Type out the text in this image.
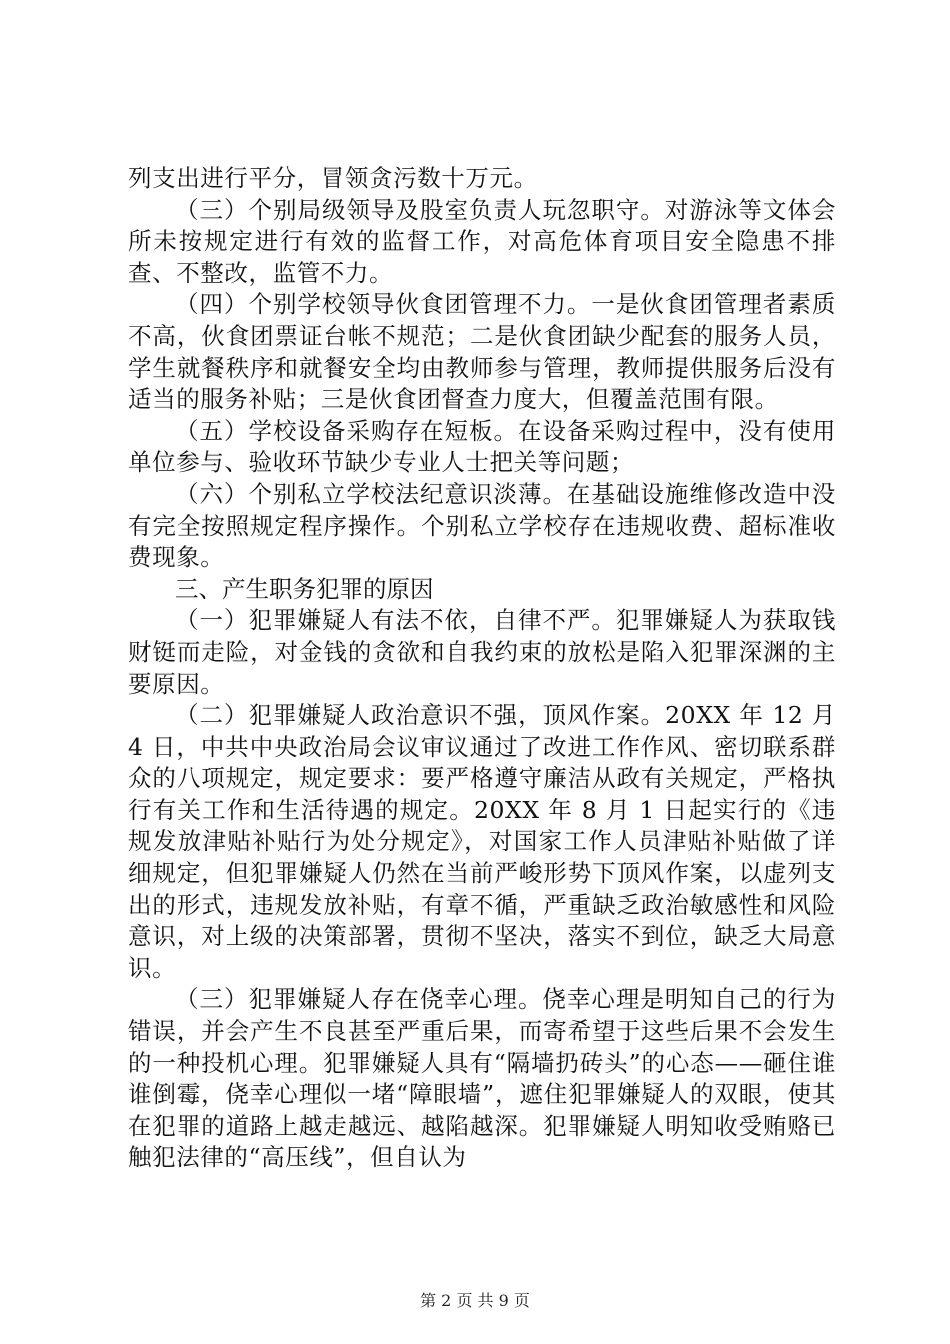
列支出进行平分，冒领贪污数十万元。

（三）个别局级领导及股室负责人玩忽职守。对游泳等文体会所未按规定进行有效的监督工作，对高危体育项目安全隐患不排查、不整改，监管不力。

（四）个别学校领导伙食团管理不力。一是伙食团管理者素质不高，伙食团票证台帐不规范；二是伙食团缺少配套的服务人员，学生就餐秩序和就餐安全均由教师参与管理，教师提供服务后没有适当的服务补贴；三是伙食团督查力度大，但覆盖范围有限。

（五）学校设备采购存在短板。在设备采购过程中，没有使用单位参与、验收环节缺少专业人士把关等问题；

（六）个别私立学校法纪意识淡薄。在基础设施维修改造中没有完全按照规定程序操作。个别私立学校存在违规收费、超标准收费现象。

三、产生职务犯罪的原因

（一）犯罪嫌疑人有法不依，自律不严。犯罪嫌疑人为获取钱财铤而走险，对金钱的贪欲和自我约束的放松是陷入犯罪深渊的主要原因。

（二）犯罪嫌疑人政治意识不强，顶风作案。20XX 年 12 月 4 日，中共中央政治局会议审议通过了改进工作作风、密切联系群众的八项规定，规定要求：要严格遵守廉洁从政有关规定，严格执行有关工作和生活待遇的规定。20XX 年 8 月 1 日起实行的《违规发放津贴补贴行为处分规定》，对国家工作人员津贴补贴做了详细规定，但犯罪嫌疑人仍然在当前严峻形势下顶风作案，以虚列支出的形式，违规发放补贴，有章不循，严重缺乏政治敏感性和风险意识，对上级的决策部署，贯彻不坚决，落实不到位，缺乏大局意识。

（三）犯罪嫌疑人存在侥幸心理。侥幸心理是明知自己的行为错误，并会产生不良甚至严重后果，而寄希望于这些后果不会发生的一种投机心理。犯罪嫌疑人具有“隔墙扔砖头”的心态——砸住谁谁倒霉，侥幸心理似一堵“障眼墙”，遮住犯罪嫌疑人的双眼，使其在犯罪的道路上越走越远、越陷越深。犯罪嫌疑人明知收受贿赂已触犯法律的“高压线”，但自认为

第 2 页 共 9 页
